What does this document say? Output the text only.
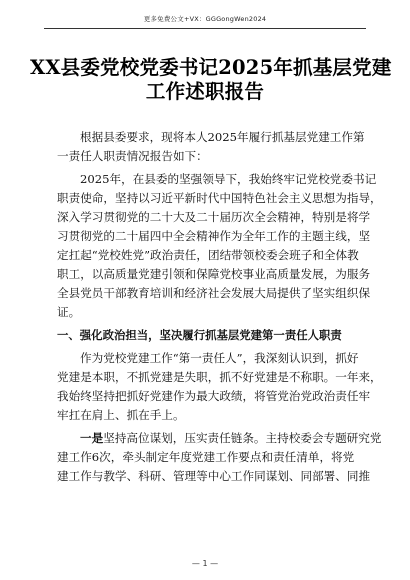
更多免费公文+VX：GGGongWen2024
XX县委党校党委书记2025年抓基层党建
工作述职报告
根据县委要求，现将本人2025年履行抓基层党建工作第
一责任人职责情况报告如下：
2025年，在县委的坚强领导下，我始终牢记党校党委书记
职责使命，坚持以习近平新时代中国特色社会主义思想为指导，
深入学习贯彻党的二十大及二十届历次全会精神，特别是将学
习贯彻党的二十届四中全会精神作为全年工作的主题主线，坚
定扛起“党校姓党”政治责任，团结带领校委会班子和全体教
职工，以高质量党建引领和保障党校事业高质量发展，为服务
全县党员干部教育培训和经济社会发展大局提供了坚实组织保
证。
一、强化政治担当，坚决履行抓基层党建第一责任人职责
作为党校党建工作“第一责任人”，我深刻认识到，抓好
党建是本职，不抓党建是失职，抓不好党建是不称职。一年来，
我始终坚持把抓好党建作为最大政绩，将管党治党政治责任牢
牢扛在肩上、抓在手上。
一是坚持高位谋划，压实责任链条。主持校委会专题研究党
建工作6次，牵头制定年度党建工作要点和责任清单，将党
建工作与教学、科研、管理等中心工作同谋划、同部署、同推
— 1 —
